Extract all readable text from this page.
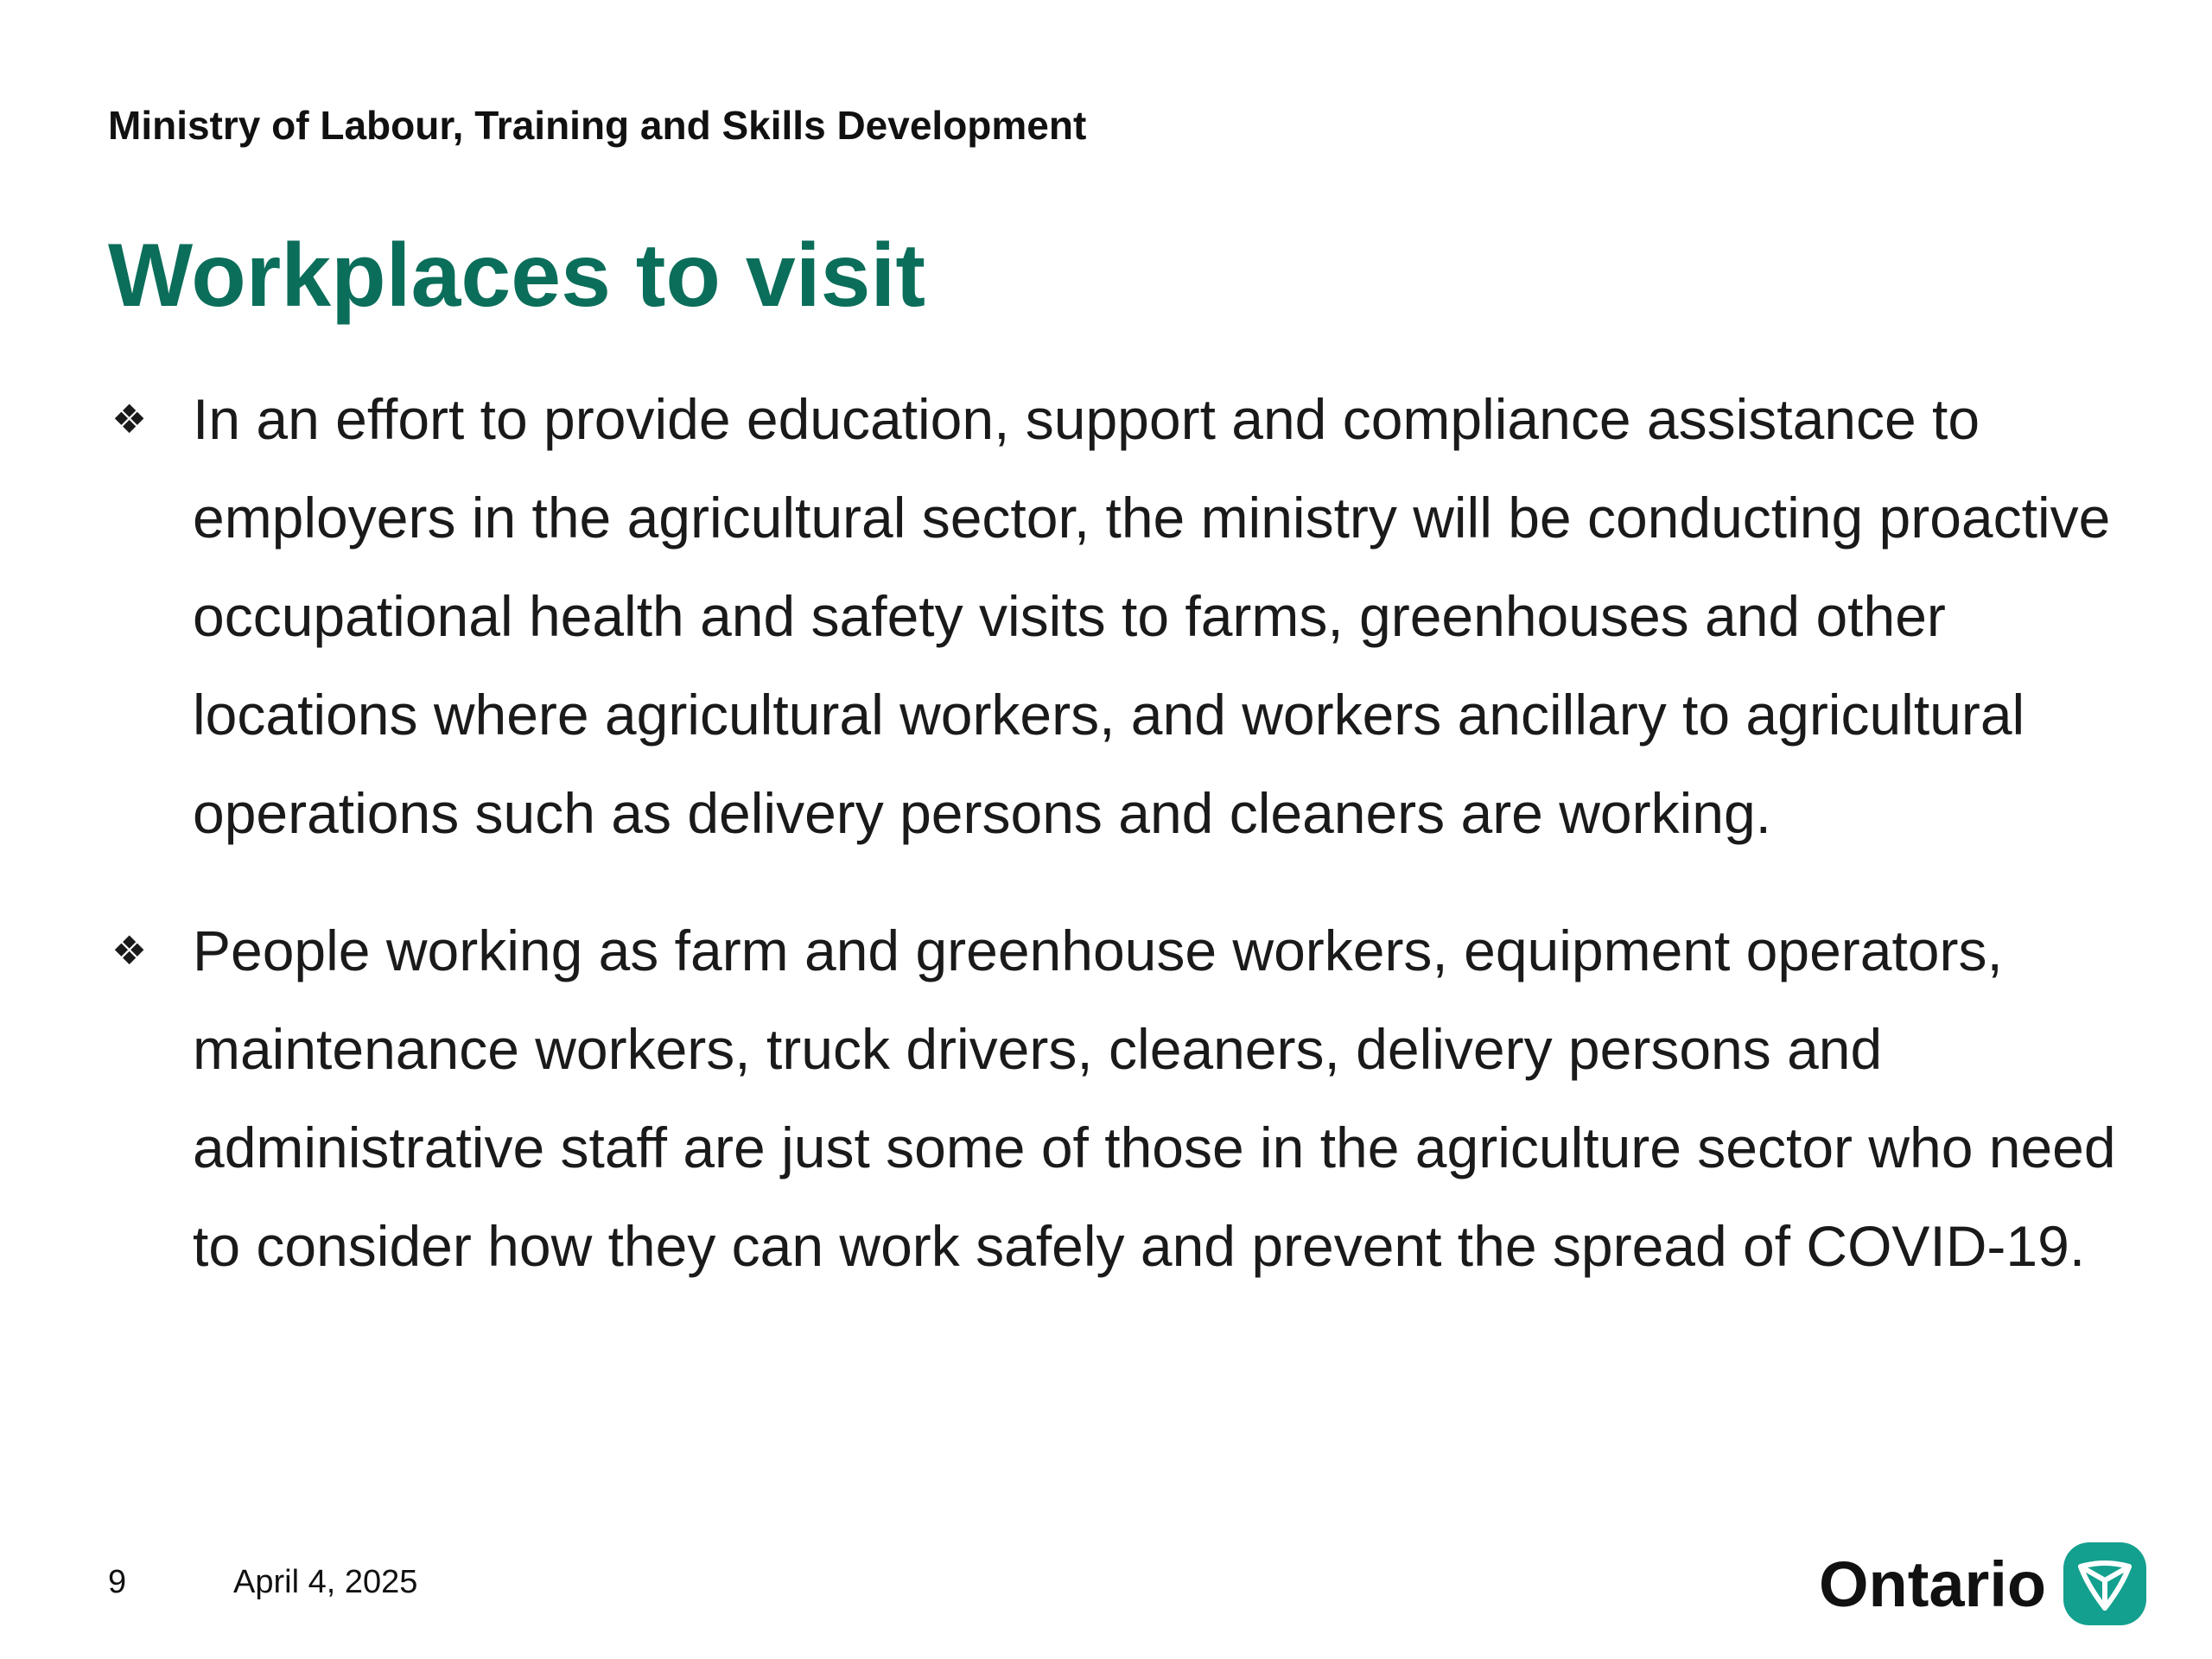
Ministry of Labour, Training and Skills Development
Workplaces to visit
❖ In an effort to provide education, support and compliance assistance to employers in the agricultural sector, the ministry will be conducting proactive occupational health and safety visits to farms, greenhouses and other locations where agricultural workers, and workers ancillary to agricultural operations such as delivery persons and cleaners are working.
❖ People working as farm and greenhouse workers, equipment operators, maintenance workers, truck drivers, cleaners, delivery persons and administrative staff are just some of those in the agriculture sector who need to consider how they can work safely and prevent the spread of COVID-19.
9	April 4, 2025	Ontario
